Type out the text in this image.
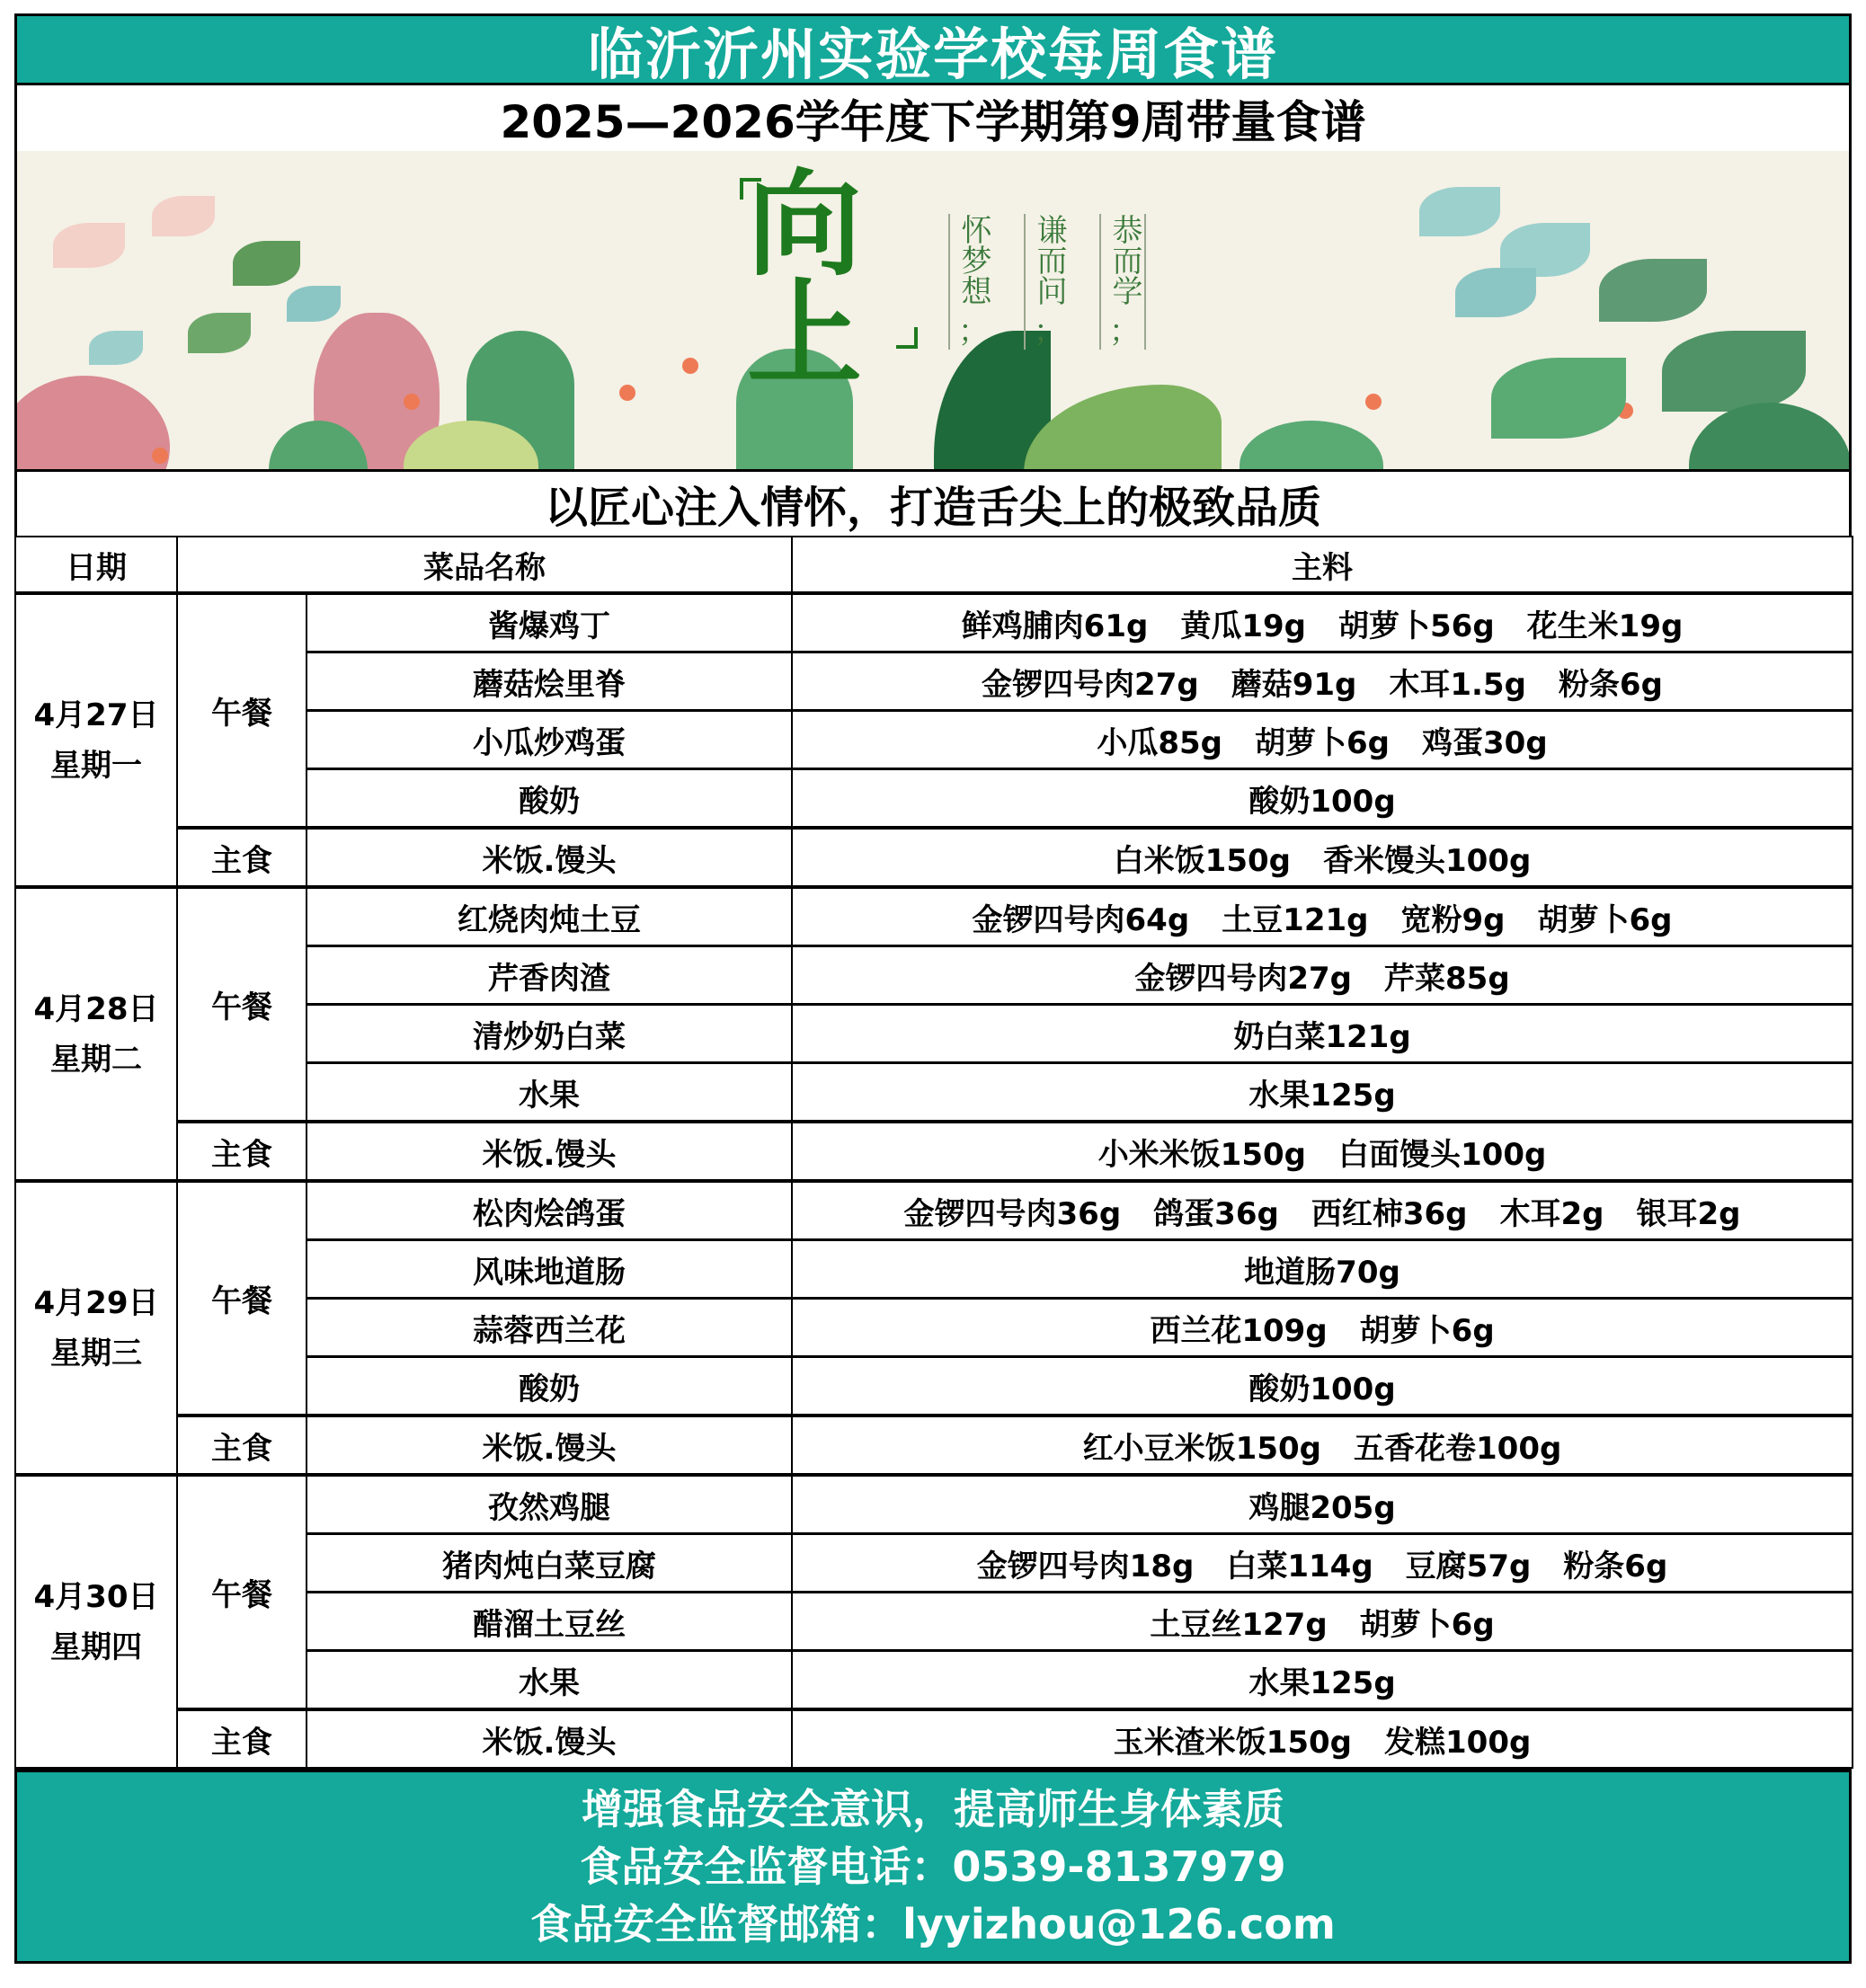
临沂沂州实验学校每周食谱
2025—2026学年度下学期第9周带量食谱
向
上
怀梦想
；
谦而问
；
恭而学
；
以匠心注入情怀，打造舌尖上的极致品质
日期	菜品名称		主料

4月27日
星期一	午餐	酱爆鸡丁	鲜鸡脯肉61g 黄瓜19g 胡萝卜56g 花生米19g
		蘑菇烩里脊	金锣四号肉27g 蘑菇91g 木耳1.5g 粉条6g
		小瓜炒鸡蛋	小瓜85g 胡萝卜6g 鸡蛋30g
		酸奶	酸奶100g
	主食	米饭.馒头	白米饭150g 香米馒头100g

4月28日
星期二	午餐	红烧肉炖土豆	金锣四号肉64g 土豆121g 宽粉9g 胡萝卜6g
		芹香肉渣	金锣四号肉27g 芹菜85g
		清炒奶白菜	奶白菜121g
		水果	水果125g
	主食	米饭.馒头	小米米饭150g 白面馒头100g

4月29日
星期三	午餐	松肉烩鸽蛋	金锣四号肉36g 鸽蛋36g 西红柿36g 木耳2g 银耳2g
		风味地道肠	地道肠70g
		蒜蓉西兰花	西兰花109g 胡萝卜6g
		酸奶	酸奶100g
	主食	米饭.馒头	红小豆米饭150g 五香花卷100g

4月30日
星期四	午餐	孜然鸡腿	鸡腿205g
		猪肉炖白菜豆腐	金锣四号肉18g 白菜114g 豆腐57g 粉条6g
		醋溜土豆丝	土豆丝127g 胡萝卜6g
		水果	水果125g
	主食	米饭.馒头	玉米渣米饭150g 发糕100g
增强食品安全意识，提高师生身体素质
食品安全监督电话：0539-8137979
食品安全监督邮箱：lyyizhou@126.com
